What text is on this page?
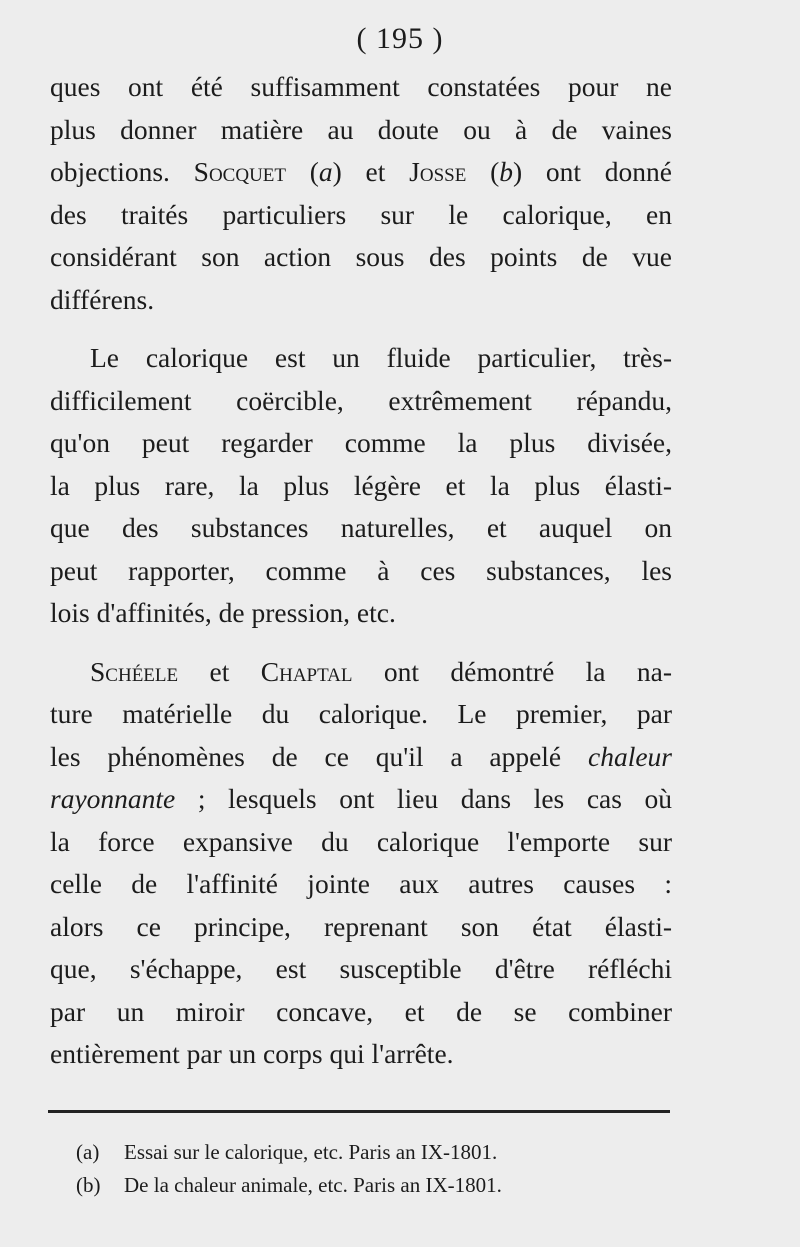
( 195 )
ques ont été suffisamment constatées pour ne
plus donner matière au doute ou à de vaines
objections. Socquet (a) et Josse (b) ont donné
des traités particuliers sur le calorique, en
considérant son action sous des points de vue
différens.
Le calorique est un fluide particulier, très-
difficilement coërcible, extrêmement répandu,
qu'on peut regarder comme la plus divisée,
la plus rare, la plus légère et la plus élasti-
que des substances naturelles, et auquel on
peut rapporter, comme à ces substances, les
lois d'affinités, de pression, etc.
Schéele et Chaptal ont démontré la na-
ture matérielle du calorique. Le premier, par
les phénomènes de ce qu'il a appelé chaleur
rayonnante ; lesquels ont lieu dans les cas où
la force expansive du calorique l'emporte sur
celle de l'affinité jointe aux autres causes :
alors ce principe, reprenant son état élasti-
que, s'échappe, est susceptible d'être réfléchi
par un miroir concave, et de se combiner
entièrement par un corps qui l'arrête.
(a) Essai sur le calorique, etc. Paris an IX-1801.
(b) De la chaleur animale, etc. Paris an IX-1801.
